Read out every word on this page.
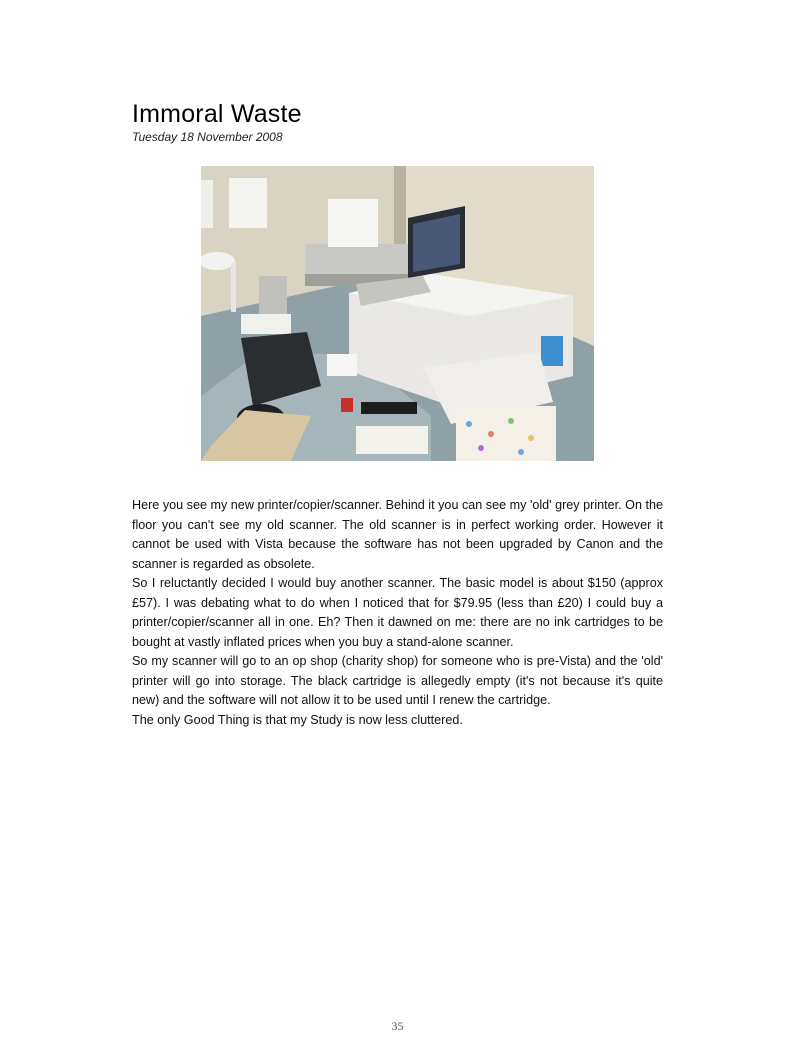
Immoral Waste
Tuesday 18 November 2008

Here you see my new printer/copier/scanner. Behind it you can see my 'old' grey printer. On the floor you can't see my old scanner. The old scanner is in perfect working order. However it cannot be used with Vista because the software has not been upgraded by Canon and the scanner is regarded as obsolete.

So I reluctantly decided I would buy another scanner. The basic model is about $150 (approx £57). I was debating what to do when I noticed that for $79.95 (less than £20) I could buy a printer/copier/scanner all in one. Eh? Then it dawned on me: there are no ink cartridges to be bought at vastly inflated prices when you buy a stand-alone scanner.

So my scanner will go to an op shop (charity shop) for someone who is pre-Vista) and the 'old' printer will go into storage. The black cartridge is allegedly empty (it's not because it's quite new) and the software will not allow it to be used until I renew the cartridge.

The only Good Thing is that my Study is now less cluttered.

35
